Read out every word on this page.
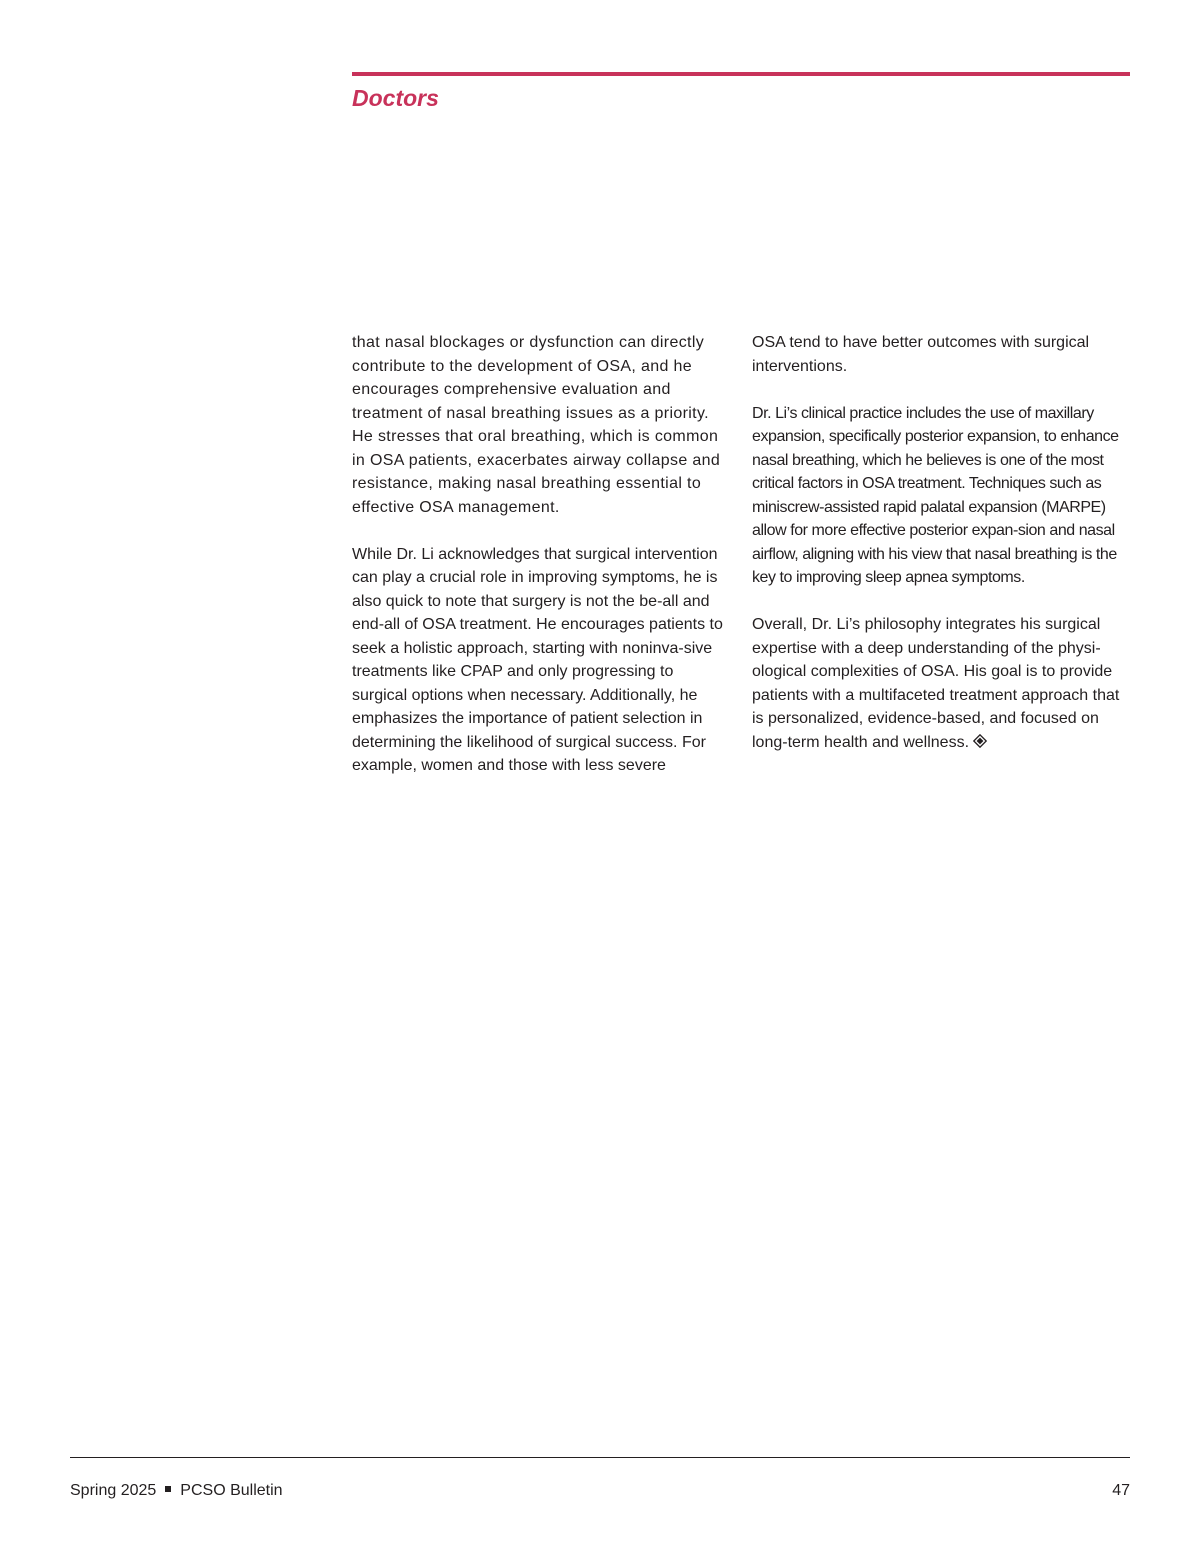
Doctors

that nasal blockages or dysfunction can directly contribute to the development of OSA, and he encourages comprehensive evaluation and treatment of nasal breathing issues as a priority. He stresses that oral breathing, which is common in OSA patients, exacerbates airway collapse and resistance, making nasal breathing essential to effective OSA management.

While Dr. Li acknowledges that surgical intervention can play a crucial role in improving symptoms, he is also quick to note that surgery is not the be-all and end-all of OSA treatment. He encourages patients to seek a holistic approach, starting with noninva-sive treatments like CPAP and only progressing to surgical options when necessary. Additionally, he emphasizes the importance of patient selection in determining the likelihood of surgical success. For example, women and those with less severe

OSA tend to have better outcomes with surgical interventions.

Dr. Li’s clinical practice includes the use of maxillary expansion, specifically posterior expansion, to enhance nasal breathing, which he believes is one of the most critical factors in OSA treatment. Techniques such as miniscrew-assisted rapid palatal expansion (MARPE) allow for more effective posterior expan-sion and nasal airflow, aligning with his view that nasal breathing is the key to improving sleep apnea symptoms.

Overall, Dr. Li’s philosophy integrates his surgical expertise with a deep understanding of the physi-ological complexities of OSA. His goal is to provide patients with a multifaceted treatment approach that is personalized, evidence-based, and focused on long-term health and wellness.

Spring 2025 PCSO Bulletin	47
